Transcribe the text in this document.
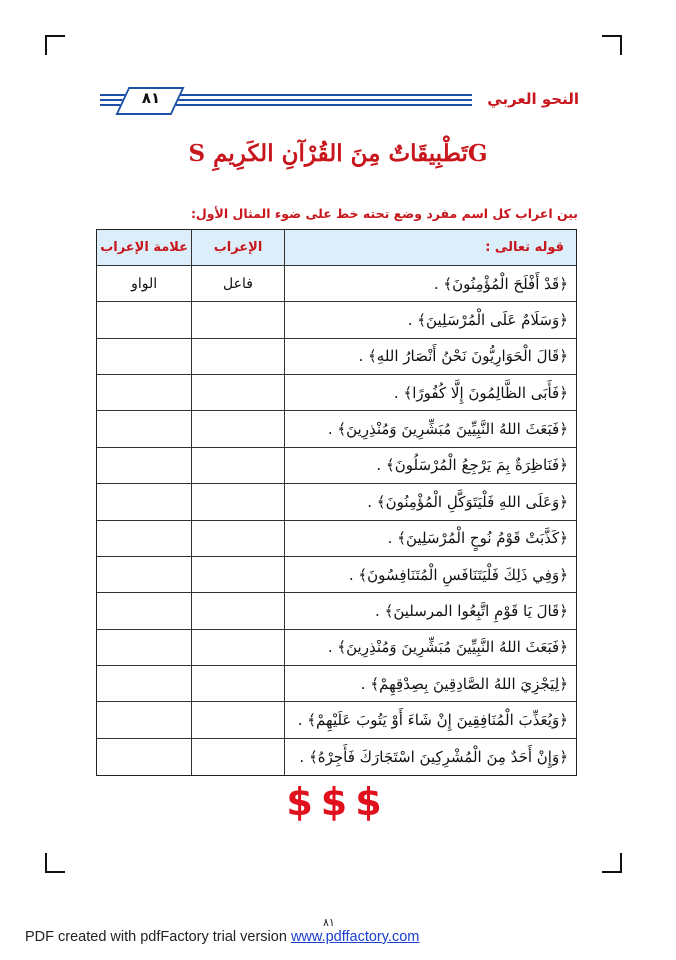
٨١	النحو العربي
Gتَطْبِيقَاتٌ مِنَ القُرْآنِ الكَرِيمِ S
بين اعراب كل اسم مفرد وضع تحته خط على ضوء المثال الأول:
قوله تعالى :
الإعراب
علامة الإعراب
﴿قَدْ أَفْلَحَ الْمُؤْمِنُونَ﴾ .
فاعل
الواو
﴿وَسَلَامٌ عَلَى الْمُرْسَلِينَ﴾ .
﴿قَالَ الْحَوَارِيُّونَ نَحْنُ أَنْصَارُ اللهِ﴾ .
﴿فَأَبَى الظَّالِمُونَ إِلَّا كُفُورًا﴾ .
﴿فَبَعَثَ اللهُ النَّبِيِّينَ مُبَشِّرِينَ وَمُنْذِرِينَ﴾ .
﴿فَنَاظِرَةٌ بِمَ يَرْجِعُ الْمُرْسَلُونَ﴾ .
﴿وَعَلَى اللهِ فَلْيَتَوَكَّلِ الْمُؤْمِنُونَ﴾ .
﴿كَذَّبَتْ قَوْمُ نُوحٍ الْمُرْسَلِينَ﴾ .
﴿وَفِي ذَلِكَ فَلْيَتَنَافَسِ الْمُتَنَافِسُونَ﴾ .
﴿قَالَ يَا قَوْمِ اتَّبِعُوا المرسلينَ﴾ .
﴿فَبَعَثَ اللهُ النَّبِيِّينَ مُبَشِّرِينَ وَمُنْذِرِينَ﴾ .
﴿لِيَجْزِيَ اللهُ الصَّادِقِينَ بِصِدْقِهِمْ﴾ .
﴿وَيُعَذِّبَ الْمُنَافِقِينَ إِنْ شَاءَ أَوْ يَتُوبَ عَلَيْهِمْ﴾ .
﴿وَإِنْ أَحَدٌ مِنَ الْمُشْرِكِينَ اسْتَجَارَكَ فَأَجِرْهُ﴾ .
$$$
٨١
PDF created with pdfFactory trial version www.pdffactory.com
